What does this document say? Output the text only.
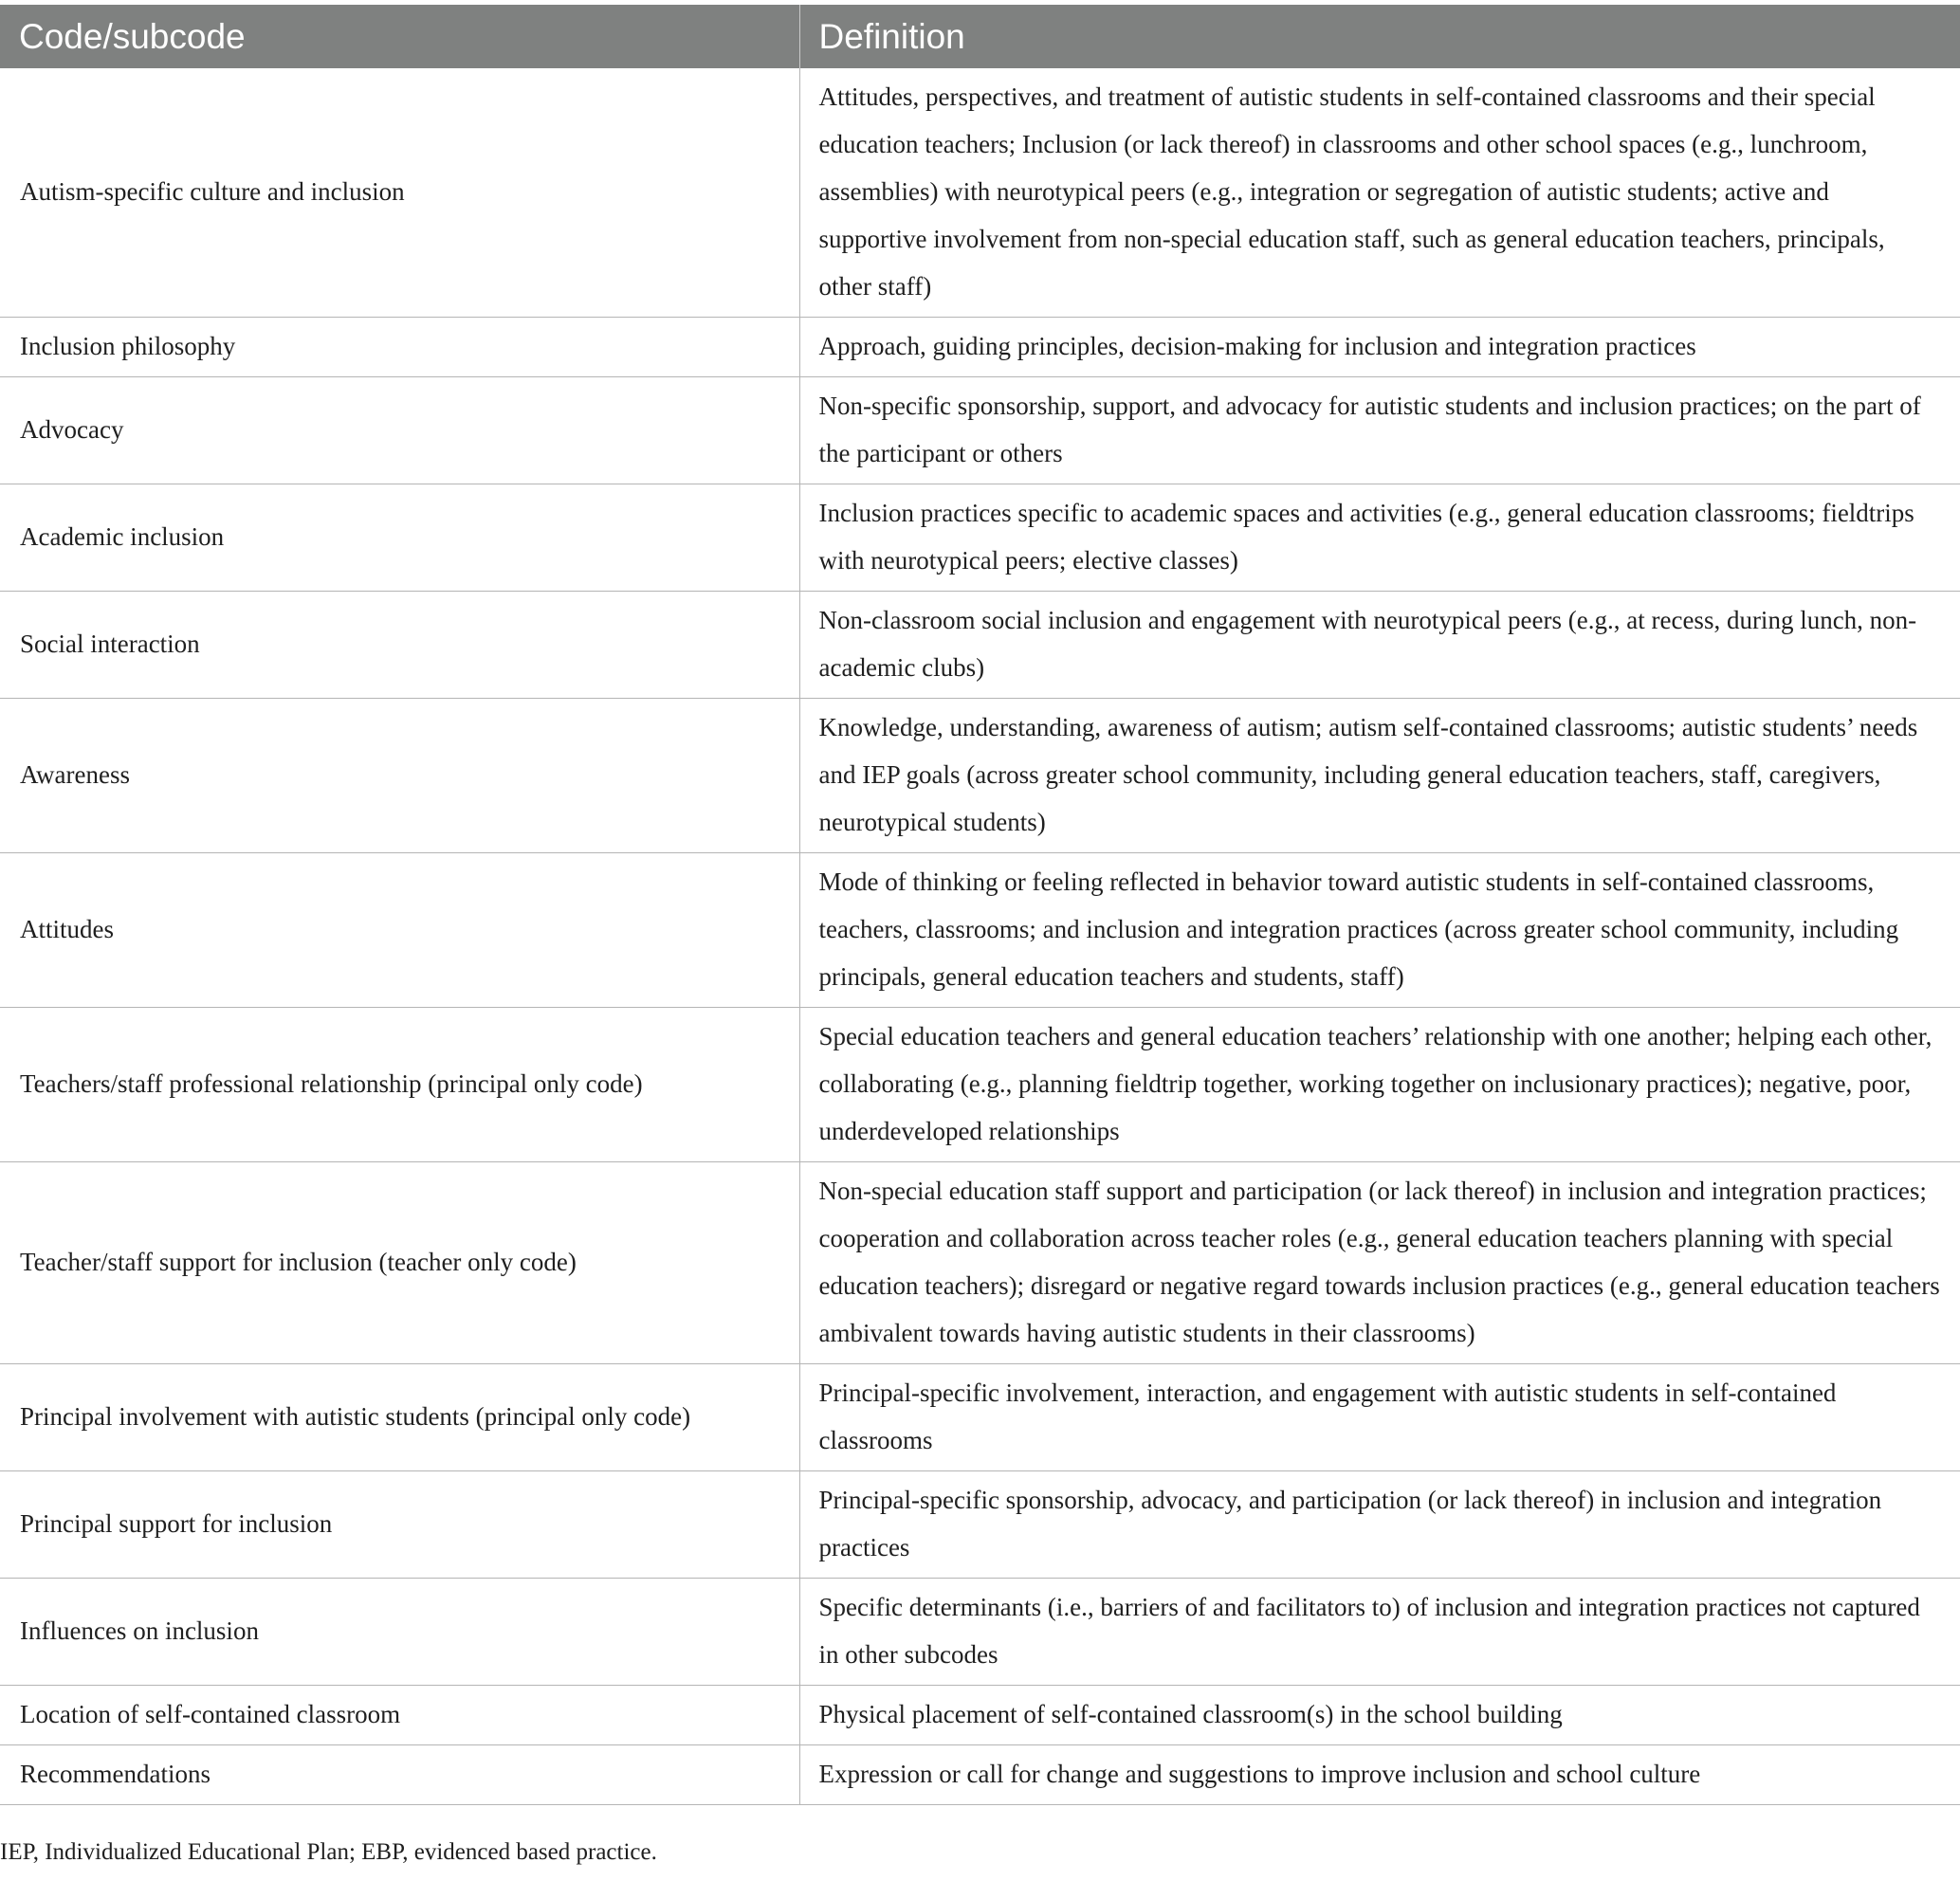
Code/subcode	Definition
Autism-specific culture and inclusion	Attitudes, perspectives, and treatment of autistic students in self-contained classrooms and their special education teachers; Inclusion (or lack thereof) in classrooms and other school spaces (e.g., lunchroom, assemblies) with neurotypical peers (e.g., integration or segregation of autistic students; active and supportive involvement from non-special education staff, such as general education teachers, principals, other staff)
Inclusion philosophy	Approach, guiding principles, decision-making for inclusion and integration practices
Advocacy	Non-specific sponsorship, support, and advocacy for autistic students and inclusion practices; on the part of the participant or others
Academic inclusion	Inclusion practices specific to academic spaces and activities (e.g., general education classrooms; fieldtrips with neurotypical peers; elective classes)
Social interaction	Non-classroom social inclusion and engagement with neurotypical peers (e.g., at recess, during lunch, non-academic clubs)
Awareness	Knowledge, understanding, awareness of autism; autism self-contained classrooms; autistic students’ needs and IEP goals (across greater school community, including general education teachers, staff, caregivers, neurotypical students)
Attitudes	Mode of thinking or feeling reflected in behavior toward autistic students in self-contained classrooms, teachers, classrooms; and inclusion and integration practices (across greater school community, including principals, general education teachers and students, staff)
Teachers/staff professional relationship (principal only code)	Special education teachers and general education teachers’ relationship with one another; helping each other, collaborating (e.g., planning fieldtrip together, working together on inclusionary practices); negative, poor, underdeveloped relationships
Teacher/staff support for inclusion (teacher only code)	Non-special education staff support and participation (or lack thereof) in inclusion and integration practices; cooperation and collaboration across teacher roles (e.g., general education teachers planning with special education teachers); disregard or negative regard towards inclusion practices (e.g., general education teachers ambivalent towards having autistic students in their classrooms)
Principal involvement with autistic students (principal only code)	Principal-specific involvement, interaction, and engagement with autistic students in self-contained classrooms
Principal support for inclusion	Principal-specific sponsorship, advocacy, and participation (or lack thereof) in inclusion and integration practices
Influences on inclusion	Specific determinants (i.e., barriers of and facilitators to) of inclusion and integration practices not captured in other subcodes
Location of self-contained classroom	Physical placement of self-contained classroom(s) in the school building
Recommendations	Expression or call for change and suggestions to improve inclusion and school culture
IEP, Individualized Educational Plan; EBP, evidenced based practice.
